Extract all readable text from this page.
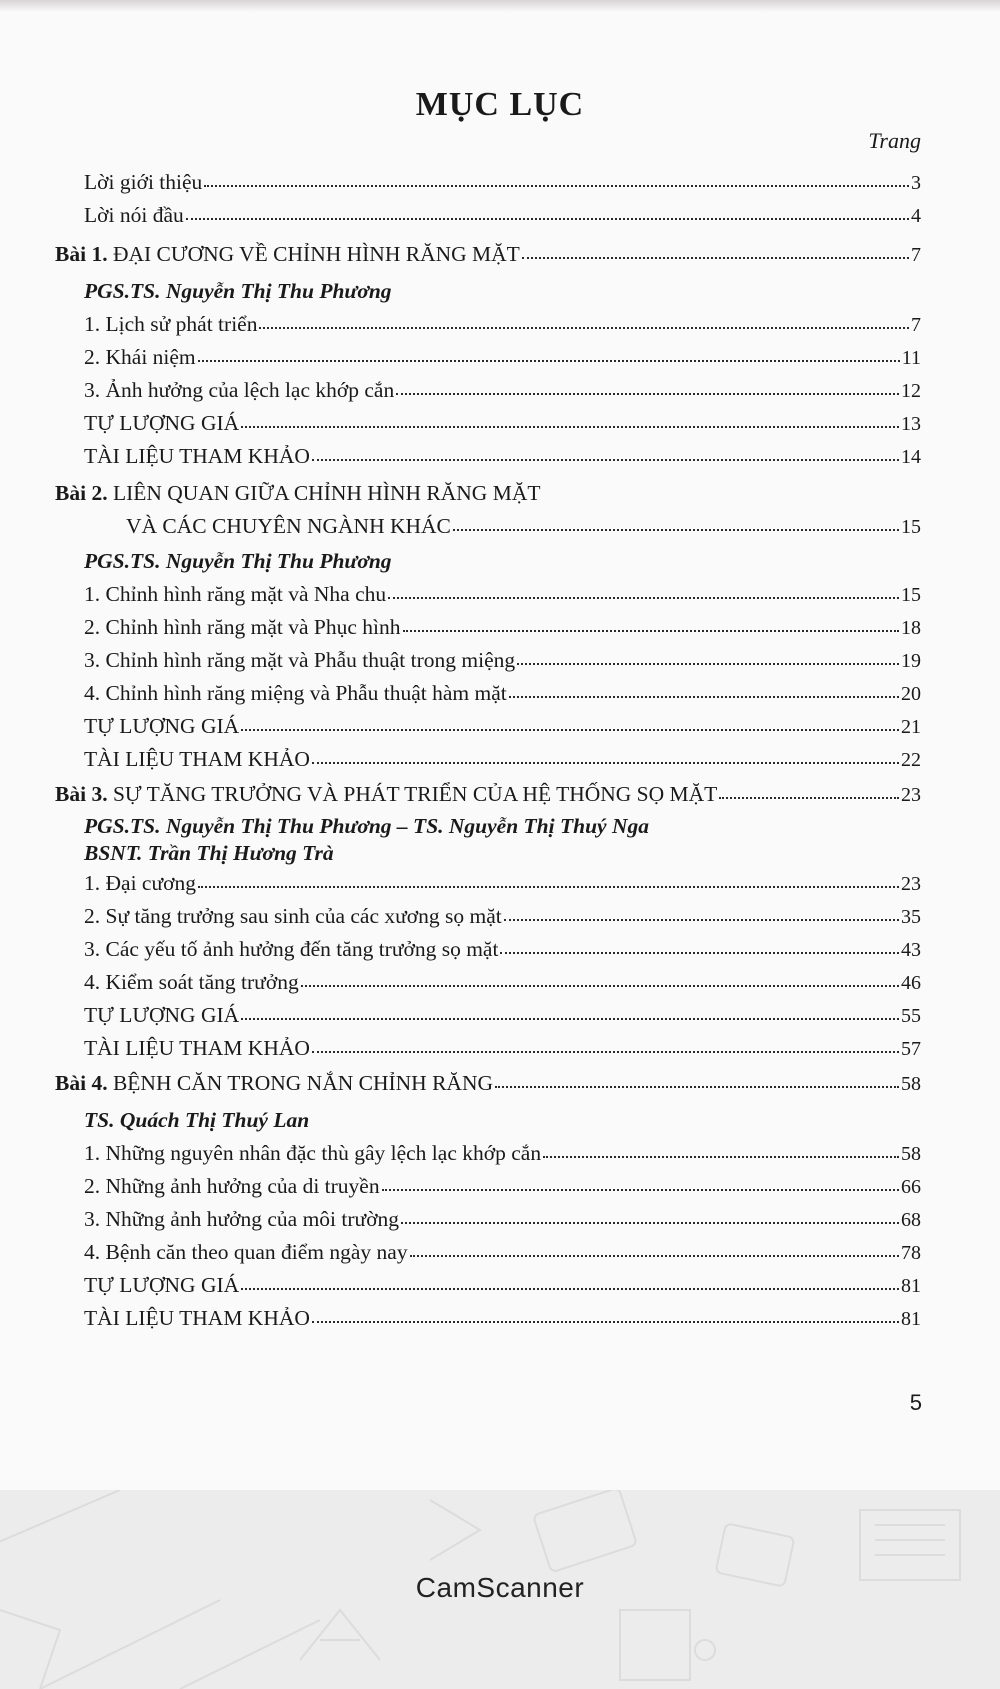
MỤC LỤC
Trang
Lời giới thiệu	3
Lời nói đầu	4
Bài 1. ĐẠI CƯƠNG VỀ CHỈNH HÌNH RĂNG MẶT	7
PGS.TS. Nguyễn Thị Thu Phương
1. Lịch sử phát triển	7
2. Khái niệm	11
3. Ảnh hưởng của lệch lạc khớp cắn	12
TỰ LƯỢNG GIÁ	13
TÀI LIỆU THAM KHẢO	14
Bài 2. LIÊN QUAN GIỮA CHỈNH HÌNH RĂNG MẶT
VÀ CÁC CHUYÊN NGÀNH KHÁC	15
PGS.TS. Nguyễn Thị Thu Phương
1. Chỉnh hình răng mặt và Nha chu	15
2. Chỉnh hình răng mặt và Phục hình	18
3. Chỉnh hình răng mặt và Phẫu thuật trong miệng	19
4. Chỉnh hình răng miệng và Phẫu thuật hàm mặt	20
TỰ LƯỢNG GIÁ	21
TÀI LIỆU THAM KHẢO	22
Bài 3. SỰ TĂNG TRƯỞNG VÀ PHÁT TRIỂN CỦA HỆ THỐNG SỌ MẶT	23
PGS.TS. Nguyễn Thị Thu Phương – TS. Nguyễn Thị Thuý Nga
BSNT. Trần Thị Hương Trà
1. Đại cương	23
2. Sự tăng trưởng sau sinh của các xương sọ mặt	35
3. Các yếu tố ảnh hưởng đến tăng trưởng sọ mặt	43
4. Kiểm soát tăng trưởng	46
TỰ LƯỢNG GIÁ	55
TÀI LIỆU THAM KHẢO	57
Bài 4. BỆNH CĂN TRONG NẮN CHỈNH RĂNG	58
TS. Quách Thị Thuý Lan
1. Những nguyên nhân đặc thù gây lệch lạc khớp cắn	58
2. Những ảnh hưởng của di truyền	66
3. Những ảnh hưởng của môi trường	68
4. Bệnh căn theo quan điểm ngày nay	78
TỰ LƯỢNG GIÁ	81
TÀI LIỆU THAM KHẢO	81
5
CamScanner
